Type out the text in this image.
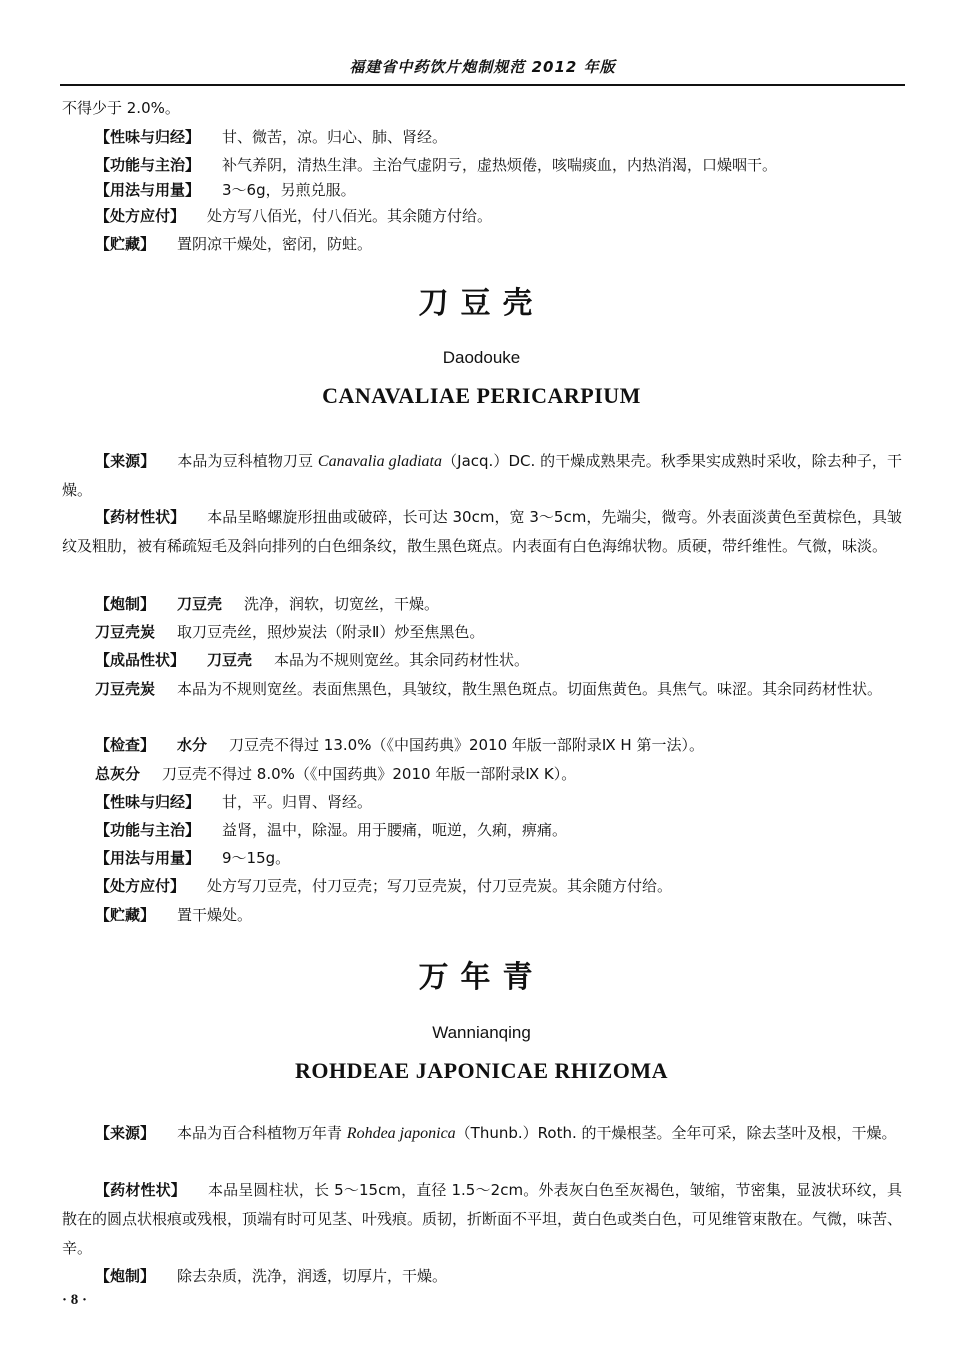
福建省中药饮片炮制规范 2012 年版
不得少于 2.0%。
【性味与归经】 甘、微苦，凉。归心、肺、肾经。
【功能与主治】 补气养阴，清热生津。主治气虚阴亏，虚热烦倦，咳喘痰血，内热消渴，口燥咽干。
【用法与用量】 3～6g，另煎兑服。
【处方应付】 处方写八佰光，付八佰光。其余随方付给。
【贮藏】 置阴凉干燥处，密闭，防蛀。
刀豆壳
Daodouke
CANAVALIAE PERICARPIUM
【来源】 本品为豆科植物刀豆 Canavalia gladiata（Jacq.）DC. 的干燥成熟果壳。秋季果实成熟时采收，除去种子，干燥。
【药材性状】 本品呈略螺旋形扭曲或破碎，长可达 30cm，宽 3～5cm，先端尖，微弯。外表面淡黄色至黄棕色，具皱纹及粗肋，被有稀疏短毛及斜向排列的白色细条纹，散生黑色斑点。内表面有白色海绵状物。质硬，带纤维性。气微，味淡。
【炮制】 刀豆壳 洗净，润软，切宽丝，干燥。
刀豆壳炭 取刀豆壳丝，照炒炭法（附录Ⅱ）炒至焦黑色。
【成品性状】 刀豆壳 本品为不规则宽丝。其余同药材性状。
刀豆壳炭 本品为不规则宽丝。表面焦黑色，具皱纹，散生黑色斑点。切面焦黄色。具焦气。味涩。其余同药材性状。
【检查】 水分 刀豆壳不得过 13.0%（《中国药典》2010 年版一部附录Ⅸ H 第一法）。
总灰分 刀豆壳不得过 8.0%（《中国药典》2010 年版一部附录Ⅸ K）。
【性味与归经】 甘，平。归胃、肾经。
【功能与主治】 益肾，温中，除湿。用于腰痛，呃逆，久痢，痹痛。
【用法与用量】 9～15g。
【处方应付】 处方写刀豆壳，付刀豆壳；写刀豆壳炭，付刀豆壳炭。其余随方付给。
【贮藏】 置干燥处。
万年青
Wannianqing
ROHDEAE JAPONICAE RHIZOMA
【来源】 本品为百合科植物万年青 Rohdea japonica（Thunb.）Roth. 的干燥根茎。全年可采，除去茎叶及根，干燥。
【药材性状】 本品呈圆柱状，长 5～15cm，直径 1.5～2cm。外表灰白色至灰褐色，皱缩，节密集，显波状环纹，具散在的圆点状根痕或残根，顶端有时可见茎、叶残痕。质韧，折断面不平坦，黄白色或类白色，可见维管束散在。气微，味苦、辛。
【炮制】 除去杂质，洗净，润透，切厚片，干燥。
· 8 ·
